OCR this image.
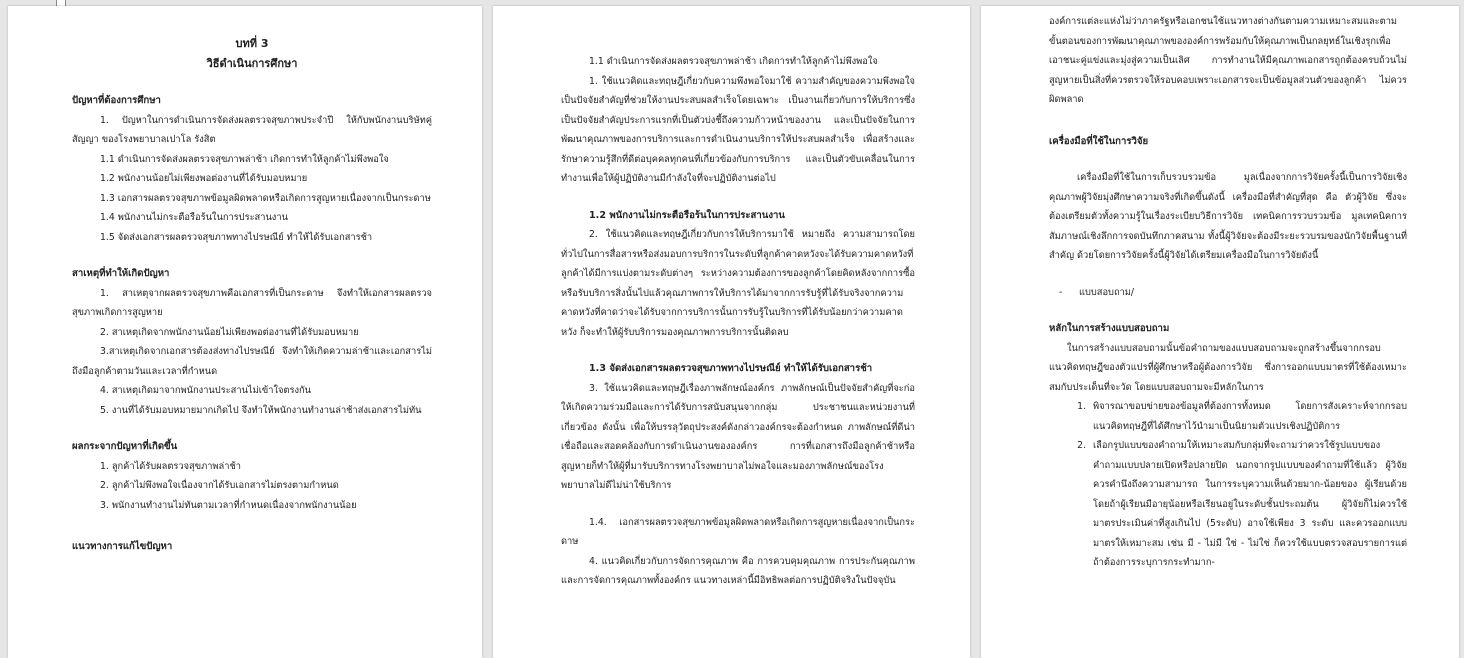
บทที่ 3
วิธีดำเนินการศึกษา
ปัญหาที่ต้องการศึกษา
1. ปัญหาในการดำเนินการจัดส่งผลตรวจสุขภาพประจำปี ให้กับพนักงานบริษัทคู่สัญญา ของโรงพยาบาลเปาโล รังสิต
1.1 ดำเนินการจัดส่งผลตรวจสุขภาพล่าช้า เกิดการทำให้ลูกค้าไม่พึงพอใจ
1.2 พนักงานน้อยไม่เพียงพอต่องานที่ได้รับมอบหมาย
1.3 เอกสารผลตรวจสุขภาพข้อมูลผิดพลาดหรือเกิดการสูญหายเนื่องจากเป็นกระดาษ
1.4 พนักงานไม่กระตือรือร้นในการประสานงาน
1.5 จัดส่งเอกสารผลตรวจสุขภาพทางไปรษณีย์ ทำให้ได้รับเอกสารช้า
สาเหตุที่ทำให้เกิดปัญหา
1. สาเหตุจากผลตรวจสุขภาพคือเอกสารที่เป็นกระดาษ จึงทำให้เอกสารผลตรวจสุขภาพเกิดการสูญหาย
2. สาเหตุเกิดจากพนักงานน้อยไม่เพียงพอต่องานที่ได้รับมอบหมาย
3.สาเหตุเกิดจากเอกสารต้องส่งทางไปรษณีย์ จึงทำให้เกิดความล่าช้าและเอกสารไม่ถึงมือลูกค้าตามวันและเวลาที่กำหนด
4. สาเหตุเกิดมาจากพนักงานประสานไม่เข้าใจตรงกัน
5. งานที่ได้รับมอบหมายมากเกิดไป จึงทำให้พนักงานทำงานล่าช้าส่งเอกสารไม่ทัน
ผลกระจากปัญหาที่เกิดขึ้น
1. ลูกค้าได้รับผลตรวจสุขภาพล่าช้า
2. ลูกค้าไม่พึงพอใจเนื่องจากได้รับเอกสารไม่ตรงตามกำหนด
3. พนักงานทำงานไม่ทันตามเวลาที่กำหนดเนื่องจากพนักงานน้อย
แนวทางการแก้ไขปัญหา
1.1 ดำเนินการจัดส่งผลตรวจสุขภาพล่าช้า เกิดการทำให้ลูกค้าไม่พึงพอใจ
1. ใช้แนวคิดและทฤษฎีเกี่ยวกับความพึงพอใจมาใช้ ความสำคัญของความพึงพอใจเป็นปัจจัยสำคัญที่ช่วยให้งานประสบผลสำเร็จโดยเฉพาะ เป็นงานเกี่ยวกับการให้บริการซึ่งเป็นปัจจัยสำคัญประการแรกที่เป็นตัวบ่งชี้ถึงความก้าวหน้าของงาน และเป็นปัจจัยในการพัฒนาคุณภาพของการบริการและการดำเนินงานบริการให้ประสบผลสำเร็จ เพื่อสร้างและรักษาความรู้สึกที่ดีต่อบุคคลทุกคนที่เกี่ยวข้องกับการบริการ และเป็นตัวขับเคลื่อนในการทำงานเพื่อให้ผู้ปฏิบัติงานมีกำลังใจที่จะปฏิบัติงานต่อไป
1.2 พนักงานไม่กระตือรือร้นในการประสานงาน
2. ใช้แนวคิดและทฤษฎีเกี่ยวกับการให้บริการมาใช้ หมายถึง ความสามารถโดยทั่วไปในการสื่อสารหรือส่งมอบการบริการในระดับที่ลูกค้าคาดหวังจะได้รับความคาดหวังที่ลูกค้าได้มีการแบ่งตามระดับต่างๆ ระหว่างความต้องการของลูกค้าโดยคิดหลังจากการซื้อหรือรับบริการสิ่งนั้นไปแล้วคุณภาพการให้บริการได้มาจากการรับรู้ที่ได้รับจริงจากความคาดหวังที่คาดว่าจะได้รับจากการบริการนั้นการรับรู้ในบริการที่ได้รับน้อยกว่าความคาดหวัง ก็จะทำให้ผู้รับบริการมองคุณภาพการบริการนั้นติดลบ
1.3 จัดส่งเอกสารผลตรวจสุขภาพทางไปรษณีย์ ทำให้ได้รับเอกสารช้า
3. ใช้แนวคิดและทฤษฎีเรื่องภาพลักษณ์องค์กร ภาพลักษณ์เป็นปัจจัยสำคัญที่จะก่อให้เกิดความร่วมมือและการได้รับการสนับสนุนจากกลุ่ม ประชาชนและหน่วยงานที่เกี่ยวข้อง ดังนั้น เพื่อให้บรรลุวัตถุประสงค์ดังกล่าวองค์กรจะต้องกำหนด ภาพลักษณ์ที่ดีน่าเชื่อถือและสอดคล้องกับการดำเนินงานขององค์กร การที่เอกสารถึงมือลูกค้าช้าหรือสูญหายก็ทำให้ผู้ที่มารับบริการทางโรงพยาบาลไม่พอใจและมองภาพลักษณ์ของโรงพยาบาลไม่ดีไม่น่าใช้บริการ
1.4. เอกสารผลตรวจสุขภาพข้อมูลผิดพลาดหรือเกิดการสูญหายเนื่องจากเป็นกระดาษ
4. แนวคิดเกี่ยวกับการจัดการคุณภาพ คือ การควบคุมคุณภาพ การประกันคุณภาพและการจัดการคุณภาพทั้งองค์กร แนวทางเหล่านี้มีอิทธิพลต่อการปฏิบัติจริงในปัจจุบัน
องค์การแต่ละแห่งไม่ว่าภาครัฐหรือเอกชนใช้แนวทางต่างกันตามความเหมาะสมและตามขั้นตอนของการพัฒนาคุณภาพขององค์การพร้อมกับให้คุณภาพเป็นกลยุทธ์ในเชิงรุกเพื่อเอาชนะคู่แข่งและมุ่งสู่ความเป็นเลิศ การทำงานให้มีคุณภาพเอกสารถูกต้องครบถ้วนไม่สูญหายเป็นสิ่งที่ควรตรวจให้รอบคอบเพราะเอกสารจะเป็นข้อมูลส่วนตัวของลูกค้า ไม่ควรผิดพลาด
เครื่องมือที่ใช้ในการวิจัย
เครื่องมือที่ใช้ในการเก็บรวบรวมข้อ มูลเนื่องจากการวิจัยครั้งนี้เป็นการวิจัยเชิงคุณภาพผู้วิจัยมุ่งศึกษาความจริงที่เกิดขึ้นดังนี้ เครื่องมือที่สำคัญที่สุด คือ ตัวผู้วิจัย ซึ่งจะต้องเตรียมตัวทั้งความรู้ในเรื่องระเบียบวิธีการวิจัย เทคนิคการรวบรวมข้อ มูลเทคนิคการสัมภาษณ์เชิงลึกการจดบันทึกภาคสนาม ทั้งนี้ผู้วิจัยจะต้องมีระยะรวบรมของนักวิจัยพื้นฐานที่สำคัญ ด้วยโดยการวิจัยครั้งนี้ผู้วิจัยได้เตรียมเครื่องมือในการวิจัยดังนี้
- แบบสอบถาม/
หลักในการสร้างแบบสอบถาม
ในการสร้างแบบสอบถามนั้นข้อคำถามของแบบสอบถามจะถูกสร้างขึ้นจากกรอบแนวคิดทฤษฎีของตัวแปรที่ผู้ศึกษาหรือผู้ต้องการวิจัย ซึ่งการออกแบบมาตรที่ใช้ต้องเหมาะสมกับประเด็นที่จะวัด โดยแบบสอบถามจะมีหลักในการ
1. พิจารณาขอบข่ายของข้อมูลที่ต้องการทั้งหมด โดยการสังเคราะห์จากกรอบแนวคิดทฤษฎีที่ได้ศึกษาไว้นำมาเป็นนิยามตัวแปรเชิงปฏิบัติการ
2. เลือกรูปแบบของคำถามให้เหมาะสมกับกลุ่มที่จะถามว่าควรใช้รูปแบบของคำถามแบบปลายเปิดหรือปลายปิด นอกจากรูปแบบของคำถามที่ใช้แล้ว ผู้วิจัยควรคำนึงถึงความสามารถ ในการระบุความเห็นด้วยมาก-น้อยของ ผู้เรียนด้วย โดยถ้าผู้เรียนมีอายุน้อยหรือเรียนอยู่ในระดับชั้นประถมต้น ผู้วิจัยก็ไม่ควรใช้มาตรประเมินค่าที่สูงเกินไป (5ระดับ) อาจใช้เพียง 3 ระดับ และควรออกแบบมาตรให้เหมาะสม เช่น มี - ไม่มี ใช่ - ไม่ใช่ ก็ควรใช้แบบตรวจสอบรายการแต่ถ้าต้องการระบุการกระทำมาก-
